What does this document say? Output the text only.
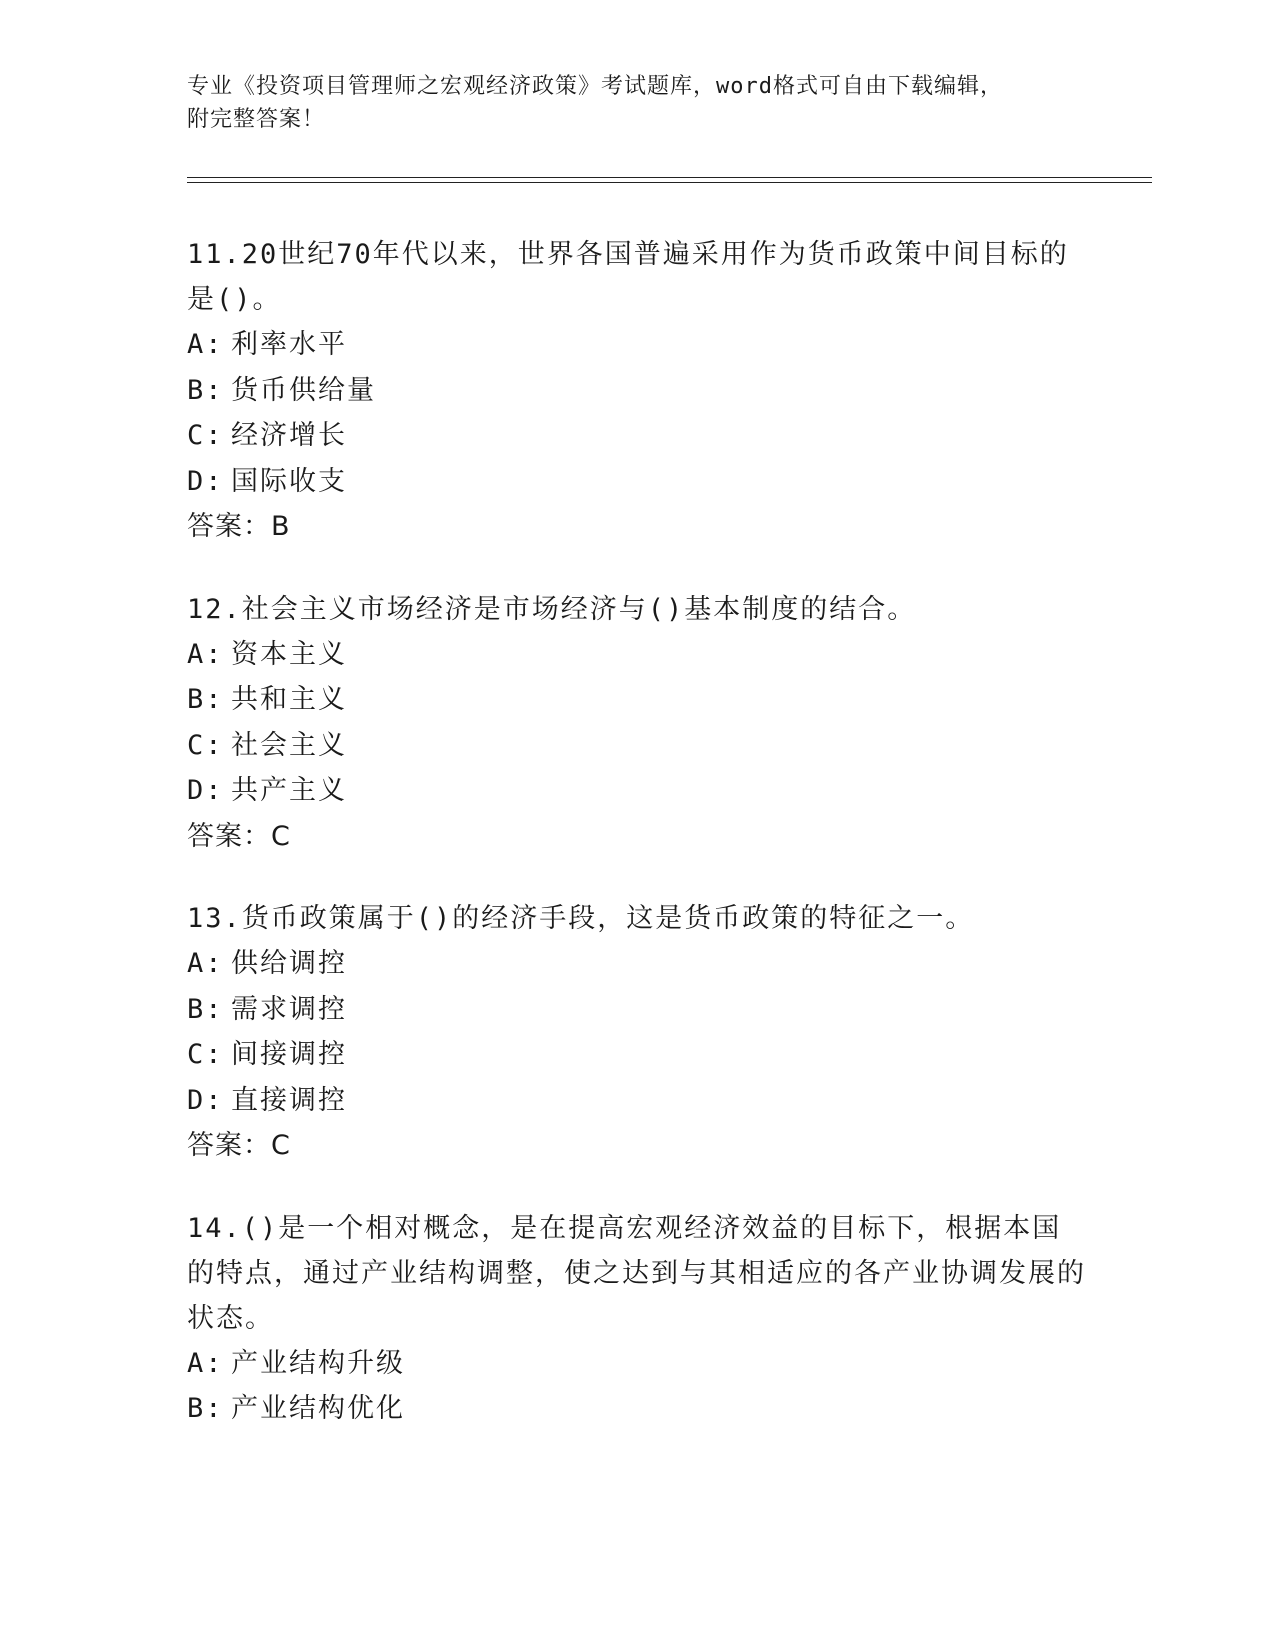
专业《投资项目管理师之宏观经济政策》考试题库，word格式可自由下载编辑，
附完整答案！
11.20世纪70年代以来，世界各国普遍采用作为货币政策中间目标的是()。
A: 利率水平
B: 货币供给量
C: 经济增长
D: 国际收支
答案：B
12.社会主义市场经济是市场经济与()基本制度的结合。
A: 资本主义
B: 共和主义
C: 社会主义
D: 共产主义
答案：C
13.货币政策属于()的经济手段，这是货币政策的特征之一。
A: 供给调控
B: 需求调控
C: 间接调控
D: 直接调控
答案：C
14.()是一个相对概念，是在提高宏观经济效益的目标下，根据本国的特点，通过产业结构调整，使之达到与其相适应的各产业协调发展的状态。
A: 产业结构升级
B: 产业结构优化
